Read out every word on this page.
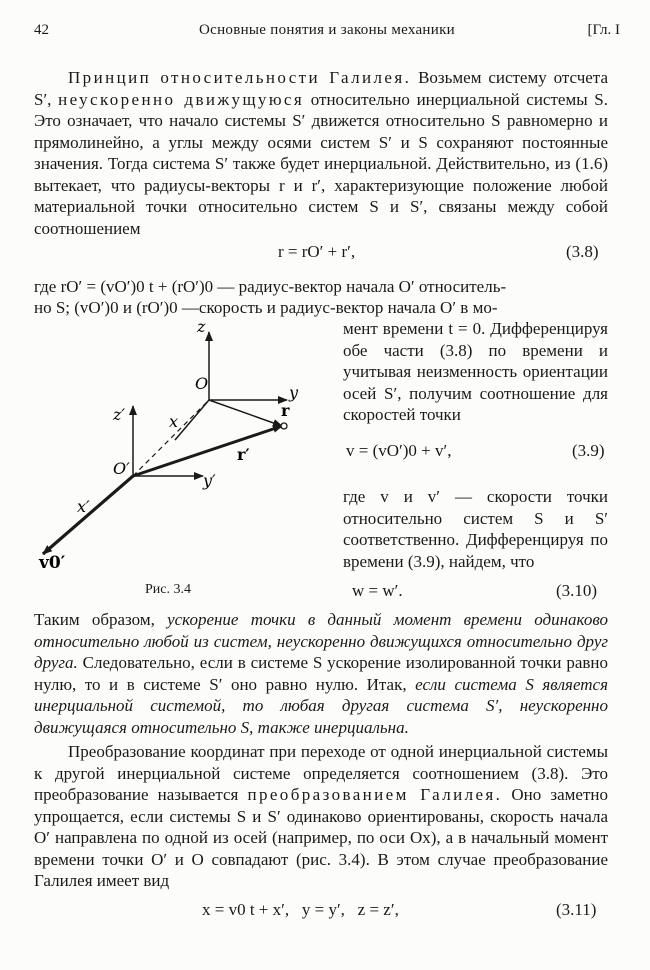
42	Основные понятия и законы механики	[Гл. I

Принцип относительности Галилея. Возьмем систему отсчета S′, неускоренно движущуюся относительно инерциальной системы S. Это означает, что начало системы S′ движется относительно S равномерно и прямолинейно, а углы между осями систем S′ и S сохраняют постоянные значения. Тогда система S′ также будет инерциальной. Действительно, из (1.6) вытекает, что радиусы-векторы r и r′, характеризующие положение любой материальной точки относительно систем S и S′, связаны между собой соотношением

r = rO′ + r′,	(3.8)

где rO′ = (vO′)0 t + (rO′)0 — радиус-вектор начала O′ относитель-

но S; (vO′)0 и (rO′)0 —скорость и радиус-вектор начала O′ в мо-

мент времени t = 0. Дифференцируя обе части (3.8) по времени и учитывая неизменность ориентации осей S′, получим соотношение для скоростей точки

v = (vO′)0 + v′,	(3.9)

где v и v′ — скорости точки относительно систем S и S′ соответственно. Дифференцируя по времени (3.9), найдем, что

w = w′.	(3.10)
z
O	y
x
r
z′
O′
y′
r′
x′
v0′
Рис. 3.4

Таким образом, ускорение точки в данный момент времени одинаково относительно любой из систем, неускоренно движущихся относительно друг друга. Следовательно, если в системе S ускорение изолированной точки равно нулю, то и в системе S′ оно равно нулю. Итак, если система S является инерциальной системой, то любая другая система S′, неускоренно движущаяся относительно S, также инерциальна.

Преобразование координат при переходе от одной инерциальной системы к другой инерциальной системе определяется соотношением (3.8). Это преобразование называется преобразованием Галилея. Оно заметно упрощается, если системы S и S′ одинаково ориентированы, скорость начала O′ направлена по одной из осей (например, по оси Ox), а в начальный момент времени точки O′ и O совпадают (рис. 3.4). В этом случае преобразование Галилея имеет вид

x = v0 t + x′,   y = y′,   z = z′,	(3.11)
